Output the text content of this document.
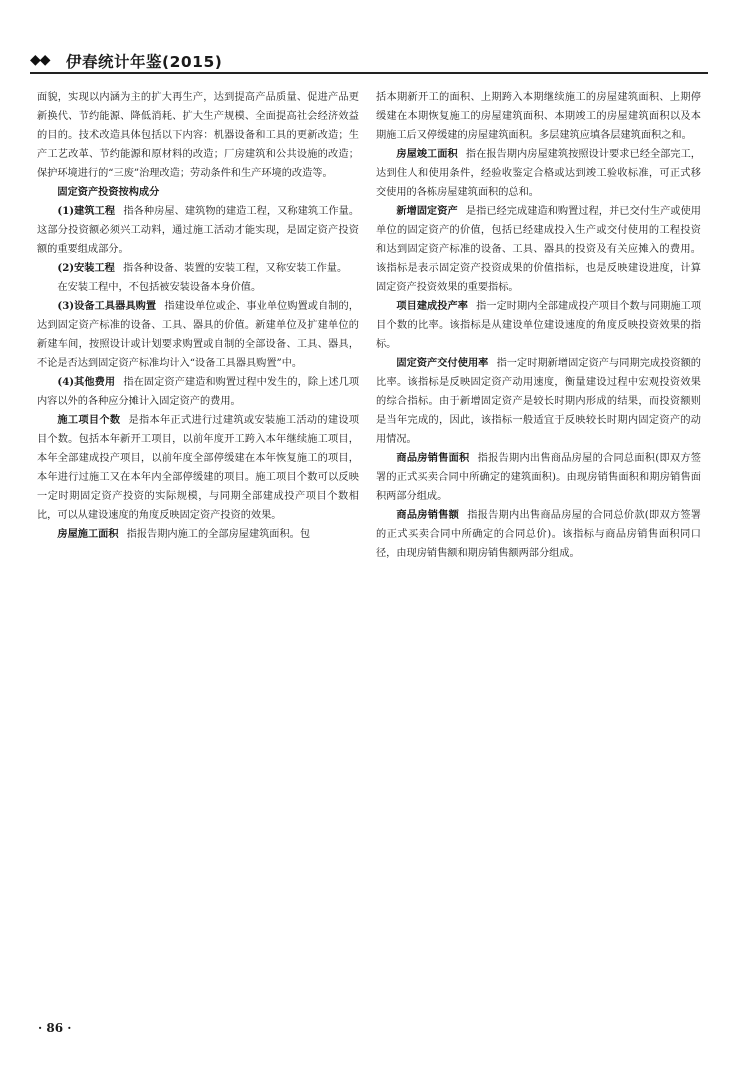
◆◆ 伊春统计年鉴(2015)

面貌，实现以内涵为主的扩大再生产，达到提高产品质量、促进产品更新换代、节约能源、降低消耗、扩大生产规模、全面提高社会经济效益的目的。技术改造具体包括以下内容：机器设备和工具的更新改造；生产工艺改革、节约能源和原材料的改造；厂房建筑和公共设施的改造；保护环境进行的“三废”治理改造；劳动条件和生产环境的改造等。

固定资产投资按构成分

(1)建筑工程 指各种房屋、建筑物的建造工程，又称建筑工作量。这部分投资额必须兴工动料，通过施工活动才能实现，是固定资产投资额的重要组成部分。

(2)安装工程 指各种设备、装置的安装工程，又称安装工作量。

在安装工程中，不包括被安装设备本身价值。

(3)设备工具器具购置 指建设单位或企、事业单位购置或自制的，达到固定资产标准的设备、工具、器具的价值。新建单位及扩建单位的新建车间，按照设计或计划要求购置或自制的全部设备、工具、器具，不论是否达到固定资产标准均计入“设备工具器具购置”中。

(4)其他费用 指在固定资产建造和购置过程中发生的，除上述几项内容以外的各种应分摊计入固定资产的费用。

施工项目个数 是指本年正式进行过建筑或安装施工活动的建设项目个数。包括本年新开工项目，以前年度开工跨入本年继续施工项目，本年全部建成投产项目，以前年度全部停缓建在本年恢复施工的项目，本年进行过施工又在本年内全部停缓建的项目。施工项目个数可以反映一定时期固定资产投资的实际规模，与同期全部建成投产项目个数相比，可以从建设速度的角度反映固定资产投资的效果。

房屋施工面积 指报告期内施工的全部房屋建筑面积。包

括本期新开工的面积、上期跨入本期继续施工的房屋建筑面积、上期停缓建在本期恢复施工的房屋建筑面积、本期竣工的房屋建筑面积以及本期施工后又停缓建的房屋建筑面积。多层建筑应填各层建筑面积之和。

房屋竣工面积 指在报告期内房屋建筑按照设计要求已经全部完工，达到住人和使用条件，经验收鉴定合格或达到竣工验收标准，可正式移交使用的各栋房屋建筑面积的总和。

新增固定资产 是指已经完成建造和购置过程，并已交付生产或使用单位的固定资产的价值，包括已经建成投入生产或交付使用的工程投资和达到固定资产标准的设备、工具、器具的投资及有关应摊入的费用。该指标是表示固定资产投资成果的价值指标，也是反映建设进度，计算固定资产投资效果的重要指标。

项目建成投产率 指一定时期内全部建成投产项目个数与同期施工项目个数的比率。该指标是从建设单位建设速度的角度反映投资效果的指标。

固定资产交付使用率 指一定时期新增固定资产与同期完成投资额的比率。该指标是反映固定资产动用速度，衡量建设过程中宏观投资效果的综合指标。由于新增固定资产是较长时期内形成的结果，而投资额则是当年完成的，因此，该指标一般适宜于反映较长时期内固定资产的动用情况。

商品房销售面积 指报告期内出售商品房屋的合同总面积(即双方签署的正式买卖合同中所确定的建筑面积)。由现房销售面积和期房销售面积两部分组成。

商品房销售额 指报告期内出售商品房屋的合同总价款(即双方签署的正式买卖合同中所确定的合同总价)。该指标与商品房销售面积同口径，由现房销售额和期房销售额两部分组成。

· 86 ·
